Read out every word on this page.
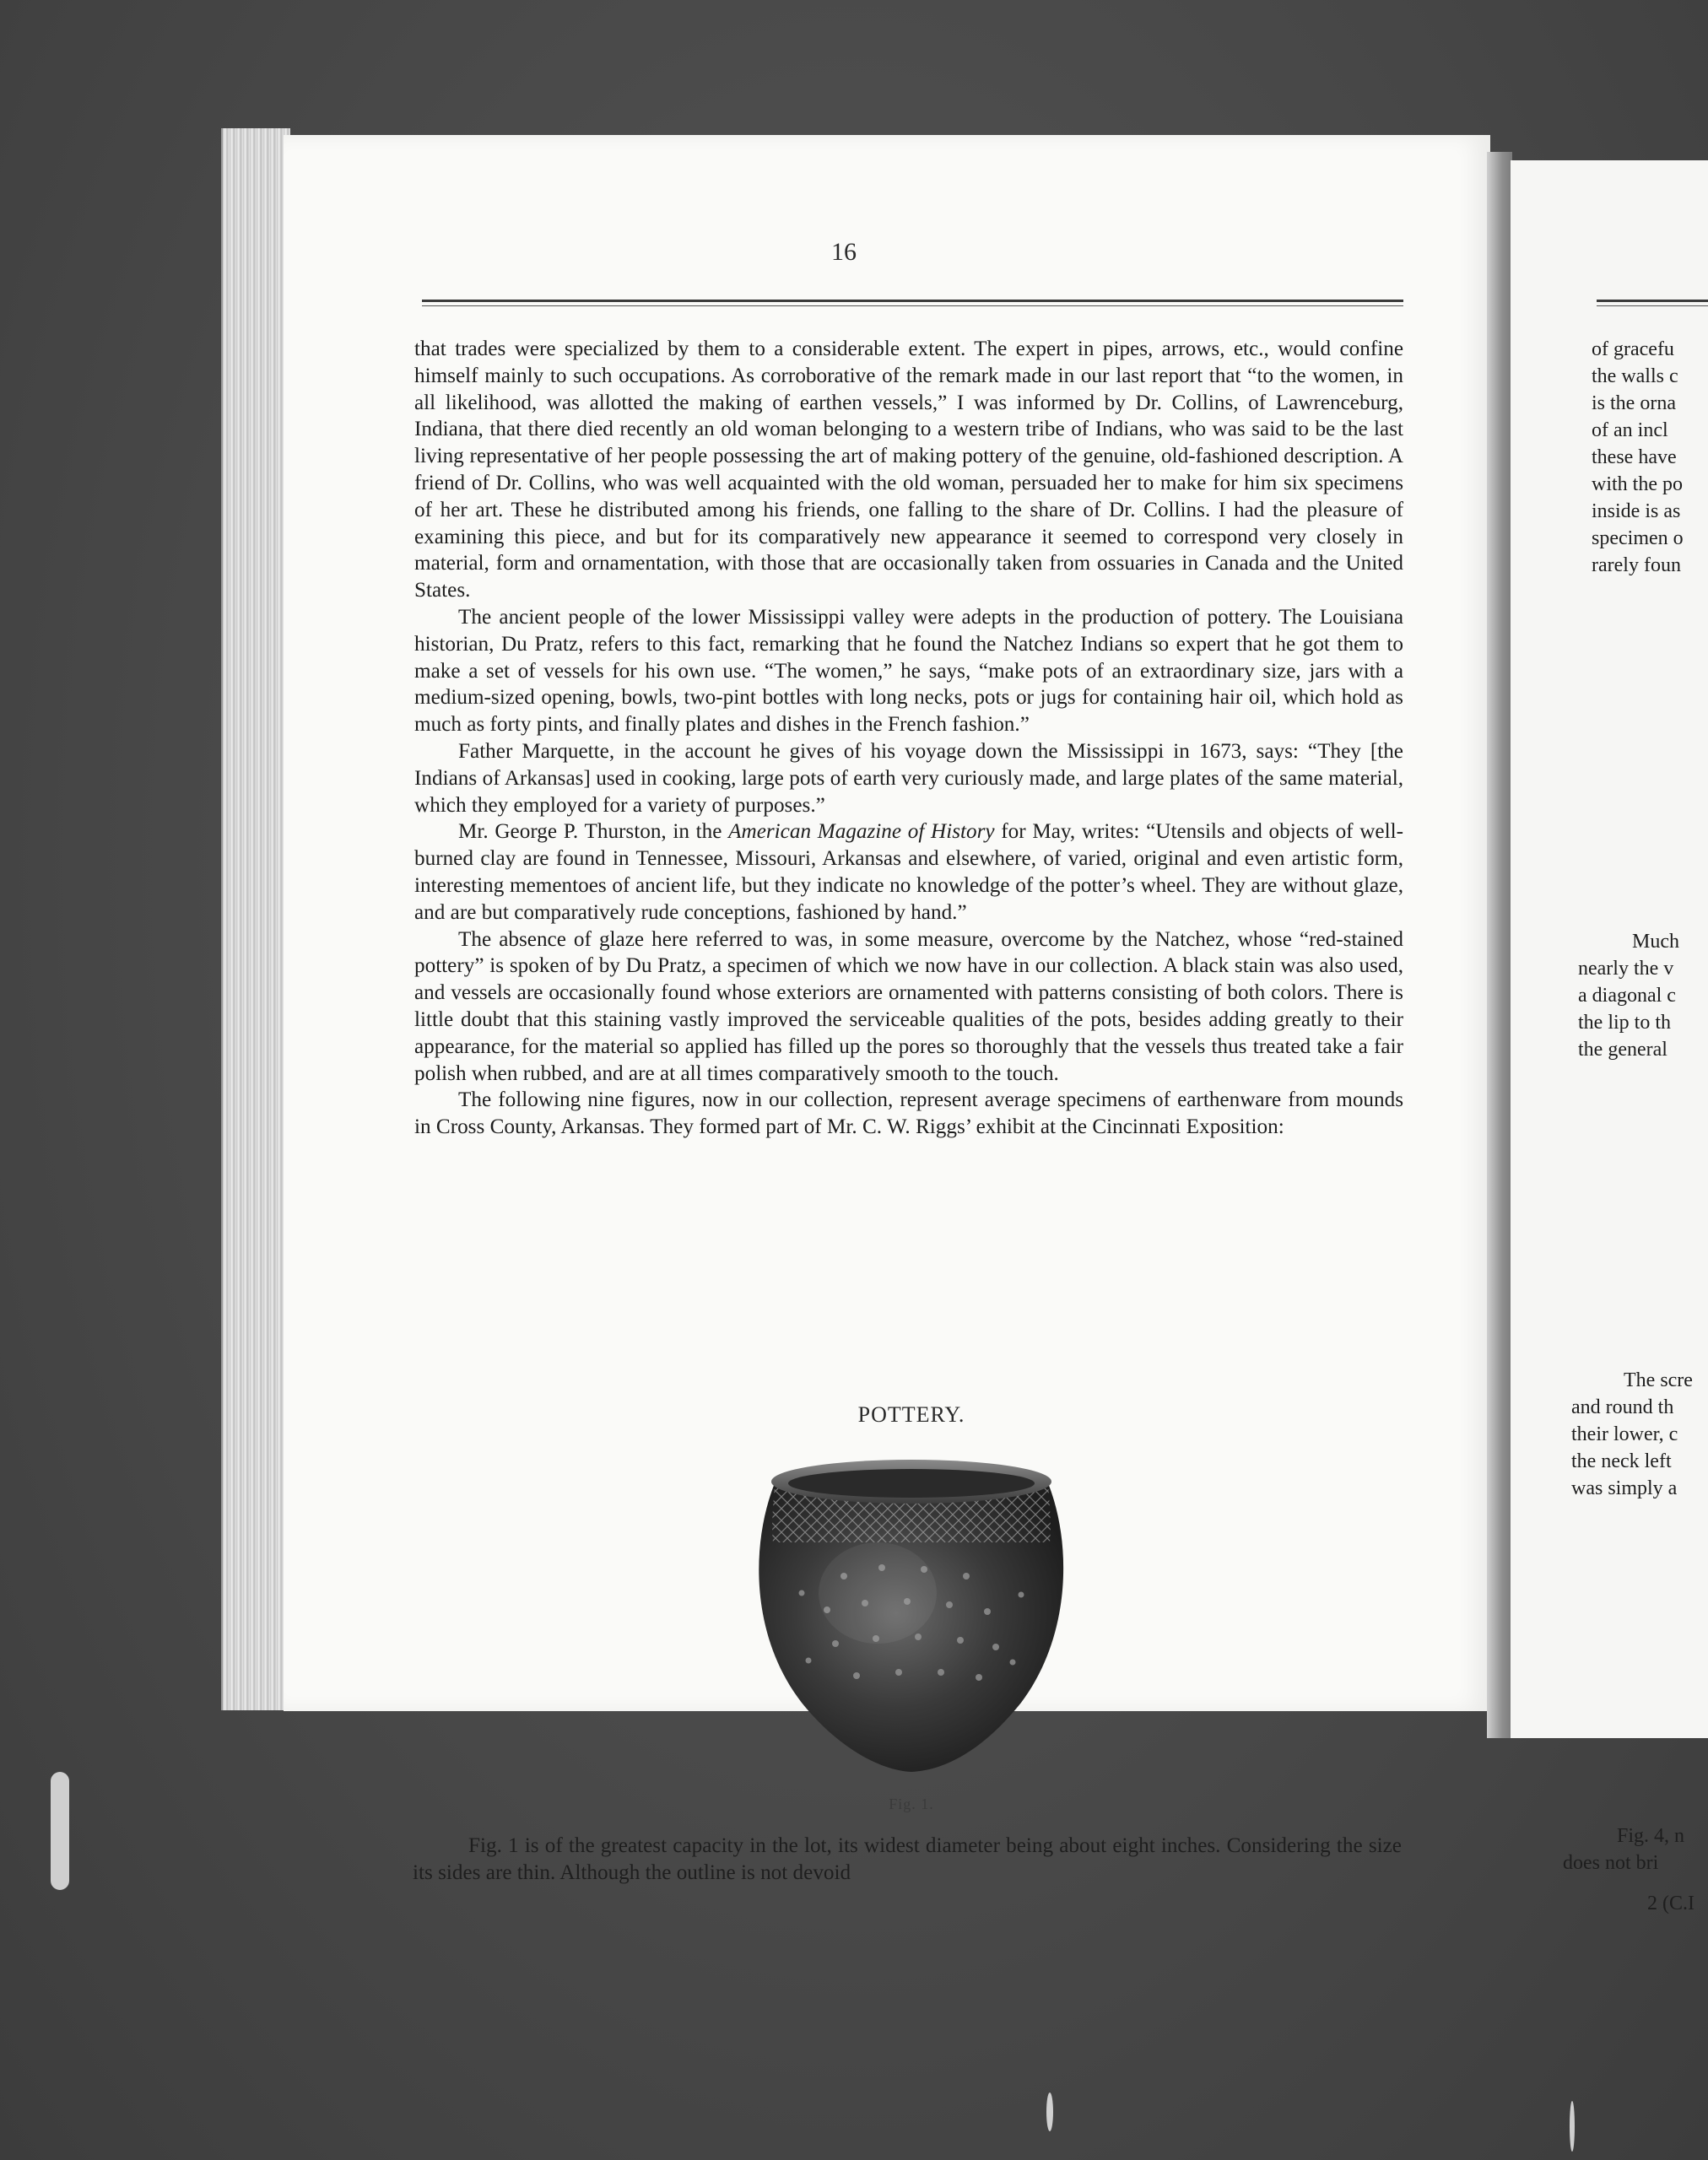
16

that trades were specialized by them to a considerable extent. The expert in pipes, arrows, etc., would confine himself mainly to such occupations. As corroborative of the remark made in our last report that “to the women, in all likelihood, was allotted the making of earthen vessels,” I was informed by Dr. Collins, of Lawrenceburg, Indiana, that there died recently an old woman belonging to a western tribe of Indians, who was said to be the last living representative of her people possessing the art of making pottery of the genuine, old-fashioned description. A friend of Dr. Collins, who was well acquainted with the old woman, persuaded her to make for him six specimens of her art. These he distributed among his friends, one falling to the share of Dr. Collins. I had the pleasure of examining this piece, and but for its comparatively new appearance it seemed to correspond very closely in material, form and ornamentation, with those that are occasionally taken from ossuaries in Canada and the United States.

The ancient people of the lower Mississippi valley were adepts in the production of pottery. The Louisiana historian, Du Pratz, refers to this fact, remarking that he found the Natchez Indians so expert that he got them to make a set of vessels for his own use. “The women,” he says, “make pots of an extraordinary size, jars with a medium-sized opening, bowls, two-pint bottles with long necks, pots or jugs for containing hair oil, which hold as much as forty pints, and finally plates and dishes in the French fashion.”

Father Marquette, in the account he gives of his voyage down the Mississippi in 1673, says: “They [the Indians of Arkansas] used in cooking, large pots of earth very curiously made, and large plates of the same material, which they employed for a variety of purposes.”

Mr. George P. Thurston, in the American Magazine of History for May, writes: “Utensils and objects of well-burned clay are found in Tennessee, Missouri, Arkansas and elsewhere, of varied, original and even artistic form, interesting mementoes of ancient life, but they indicate no knowledge of the potter’s wheel. They are without glaze, and are but comparatively rude conceptions, fashioned by hand.”

The absence of glaze here referred to was, in some measure, overcome by the Natchez, whose “red-stained pottery” is spoken of by Du Pratz, a specimen of which we now have in our collection. A black stain was also used, and vessels are occasionally found whose exteriors are ornamented with patterns consisting of both colors. There is little doubt that this staining vastly improved the serviceable qualities of the pots, besides adding greatly to their appearance, for the material so applied has filled up the pores so thoroughly that the vessels thus treated take a fair polish when rubbed, and are at all times comparatively smooth to the touch.

The following nine figures, now in our collection, represent average specimens of earthenware from mounds in Cross County, Arkansas. They formed part of Mr. C. W. Riggs’ exhibit at the Cincinnati Exposition:

POTTERY.
Fig. 1.

Fig. 1 is of the greatest capacity in the lot, its widest diameter being about eight inches. Considering the size its sides are thin. Although the outline is not devoid

of gracefu
the walls c
is the orna
of an incl
these have
with the po
inside is as
specimen o
rarely foun
Much
nearly the v
a diagonal c
the lip to th
the general
The scre
and round th
their lower, c
the neck left
was simply a
Fig. 4, n
does not bri
2 (C.I
